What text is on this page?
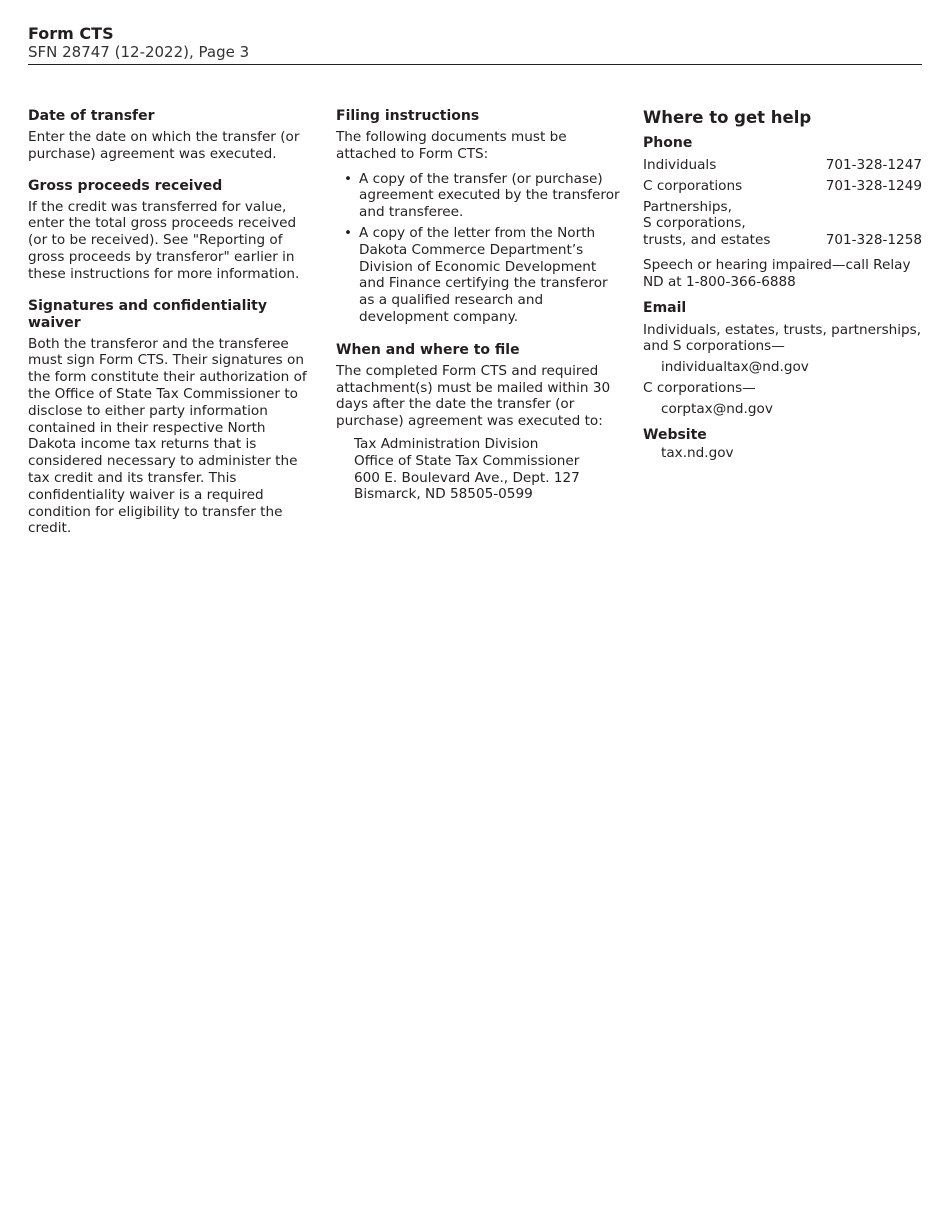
Form CTS
SFN 28747 (12-2022), Page 3
Date of transfer

Enter the date on which the transfer (or purchase) agreement was executed.

Gross proceeds received

If the credit was transferred for value, enter the total gross proceeds received (or to be received). See "Reporting of gross proceeds by transferor" earlier in these instructions for more information.

Signatures and confidentiality waiver

Both the transferor and the transferee must sign Form CTS. Their signatures on the form constitute their authorization of the Office of State Tax Commissioner to disclose to either party information contained in their respective North Dakota income tax returns that is considered necessary to administer the tax credit and its transfer. This confidentiality waiver is a required condition for eligibility to transfer the credit.

Filing instructions

The following documents must be attached to Form CTS:

• A copy of the transfer (or purchase) agreement executed by the transferor and transferee.
• A copy of the letter from the North Dakota Commerce Department’s Division of Economic Development and Finance certifying the transferor as a qualified research and development company.
When and where to file

The completed Form CTS and required attachment(s) must be mailed within 30 days after the date the transfer (or purchase) agreement was executed to:

Tax Administration Division
Office of State Tax Commissioner
600 E. Boulevard Ave., Dept. 127
Bismarck, ND 58505-0599
Where to get help
Phone
Individuals	701-328-1247
C corporations	701-328-1249
Partnerships,
S corporations,
trusts, and estates	701-328-1258

Speech or hearing impaired—call Relay ND at 1-800-366-6888

Email

Individuals, estates, trusts, partnerships, and S corporations—

individualtax@nd.gov

C corporations—

corptax@nd.gov
Website
tax.nd.gov
